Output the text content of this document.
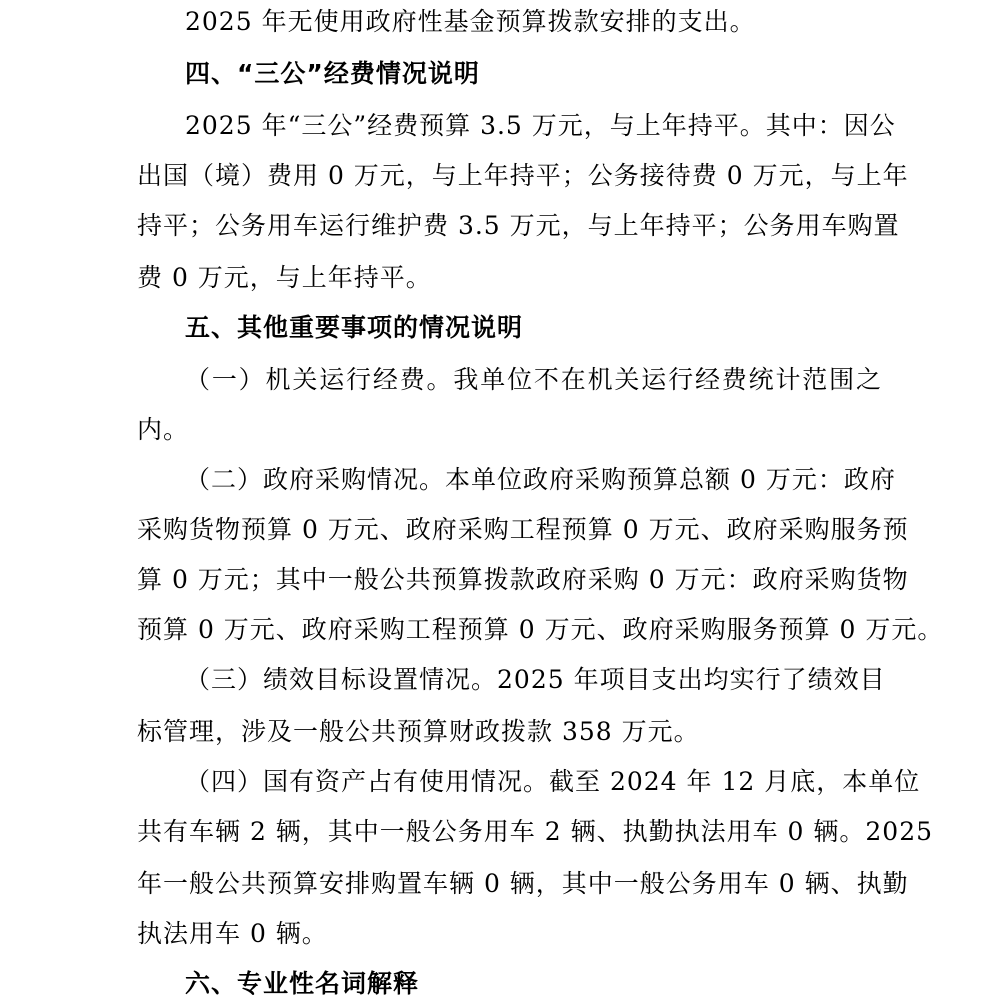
2025 年无使用政府性基金预算拨款安排的支出。
四、“三公”经费情况说明
2025 年“三公”经费预算 3.5 万元，与上年持平。其中：因公
出国（境）费用 0 万元，与上年持平；公务接待费 0 万元，与上年
持平；公务用车运行维护费 3.5 万元，与上年持平；公务用车购置
费 0 万元，与上年持平。
五、其他重要事项的情况说明
（一）机关运行经费。我单位不在机关运行经费统计范围之
内。
（二）政府采购情况。本单位政府采购预算总额 0 万元：政府
采购货物预算 0 万元、政府采购工程预算 0 万元、政府采购服务预
算 0 万元；其中一般公共预算拨款政府采购 0 万元：政府采购货物
预算 0 万元、政府采购工程预算 0 万元、政府采购服务预算 0 万元。
（三）绩效目标设置情况。2025 年项目支出均实行了绩效目
标管理，涉及一般公共预算财政拨款 358 万元。
（四）国有资产占有使用情况。截至 2024 年 12 月底，本单位
共有车辆 2 辆，其中一般公务用车 2 辆、执勤执法用车 0 辆。2025
年一般公共预算安排购置车辆 0 辆，其中一般公务用车 0 辆、执勤
执法用车 0 辆。
六、专业性名词解释
